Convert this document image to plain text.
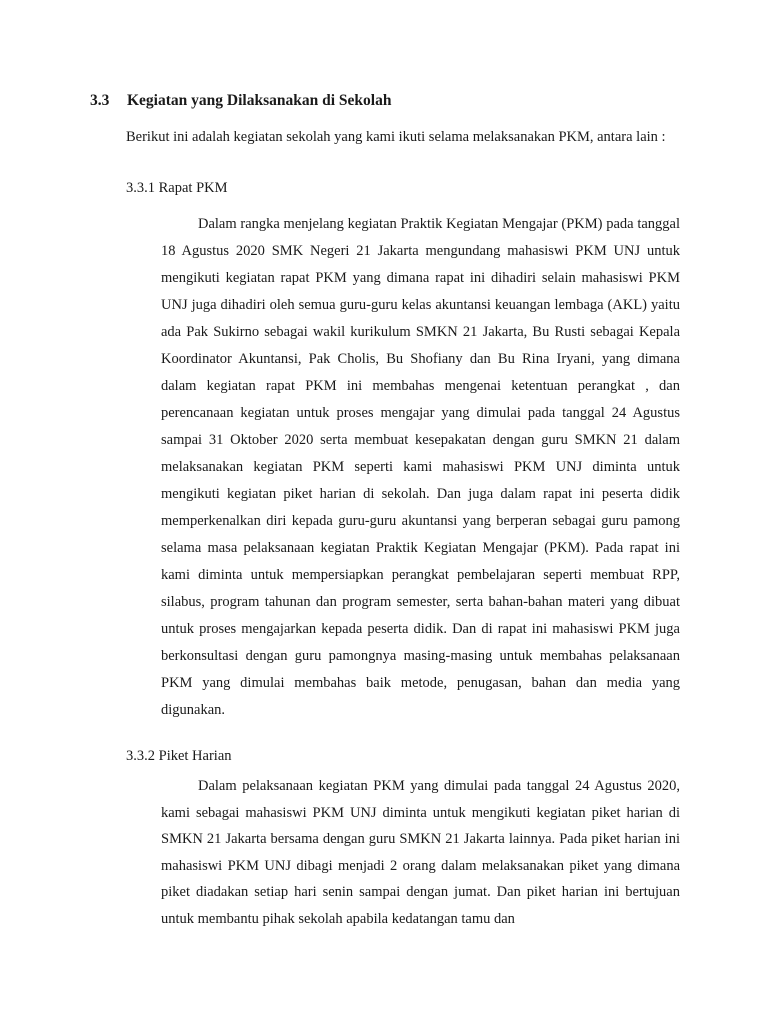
3.3 Kegiatan yang Dilaksanakan di Sekolah
Berikut ini adalah kegiatan sekolah yang kami ikuti selama melaksanakan PKM, antara lain :
3.3.1 Rapat PKM
Dalam rangka menjelang kegiatan Praktik Kegiatan Mengajar (PKM) pada tanggal 18 Agustus 2020 SMK Negeri 21 Jakarta mengundang mahasiswi PKM UNJ untuk mengikuti kegiatan rapat PKM yang dimana rapat ini dihadiri selain mahasiswi PKM UNJ juga dihadiri oleh semua guru-guru kelas akuntansi keuangan lembaga (AKL) yaitu ada Pak Sukirno sebagai wakil kurikulum SMKN 21 Jakarta, Bu Rusti sebagai Kepala Koordinator Akuntansi, Pak Cholis, Bu Shofiany dan Bu Rina Iryani, yang dimana dalam kegiatan rapat PKM ini membahas mengenai ketentuan perangkat , dan perencanaan kegiatan untuk proses mengajar yang dimulai pada tanggal 24 Agustus sampai 31 Oktober 2020 serta membuat kesepakatan dengan guru SMKN 21 dalam melaksanakan kegiatan PKM seperti kami mahasiswi PKM UNJ diminta untuk mengikuti kegiatan piket harian di sekolah. Dan juga dalam rapat ini peserta didik memperkenalkan diri kepada guru-guru akuntansi yang berperan sebagai guru pamong selama masa pelaksanaan kegiatan Praktik Kegiatan Mengajar (PKM). Pada rapat ini kami diminta untuk mempersiapkan perangkat pembelajaran seperti membuat RPP, silabus, program tahunan dan program semester, serta bahan-bahan materi yang dibuat untuk proses mengajarkan kepada peserta didik. Dan di rapat ini mahasiswi PKM juga berkonsultasi dengan guru pamongnya masing-masing untuk membahas pelaksanaan PKM yang dimulai membahas baik metode, penugasan, bahan dan media yang digunakan.
3.3.2 Piket Harian
Dalam pelaksanaan kegiatan PKM yang dimulai pada tanggal 24 Agustus 2020, kami sebagai mahasiswi PKM UNJ diminta untuk mengikuti kegiatan piket harian di SMKN 21 Jakarta bersama dengan guru SMKN 21 Jakarta lainnya. Pada piket harian ini mahasiswi PKM UNJ dibagi menjadi 2 orang dalam melaksanakan piket yang dimana piket diadakan setiap hari senin sampai dengan jumat. Dan piket harian ini bertujuan untuk membantu pihak sekolah apabila kedatangan tamu dan
